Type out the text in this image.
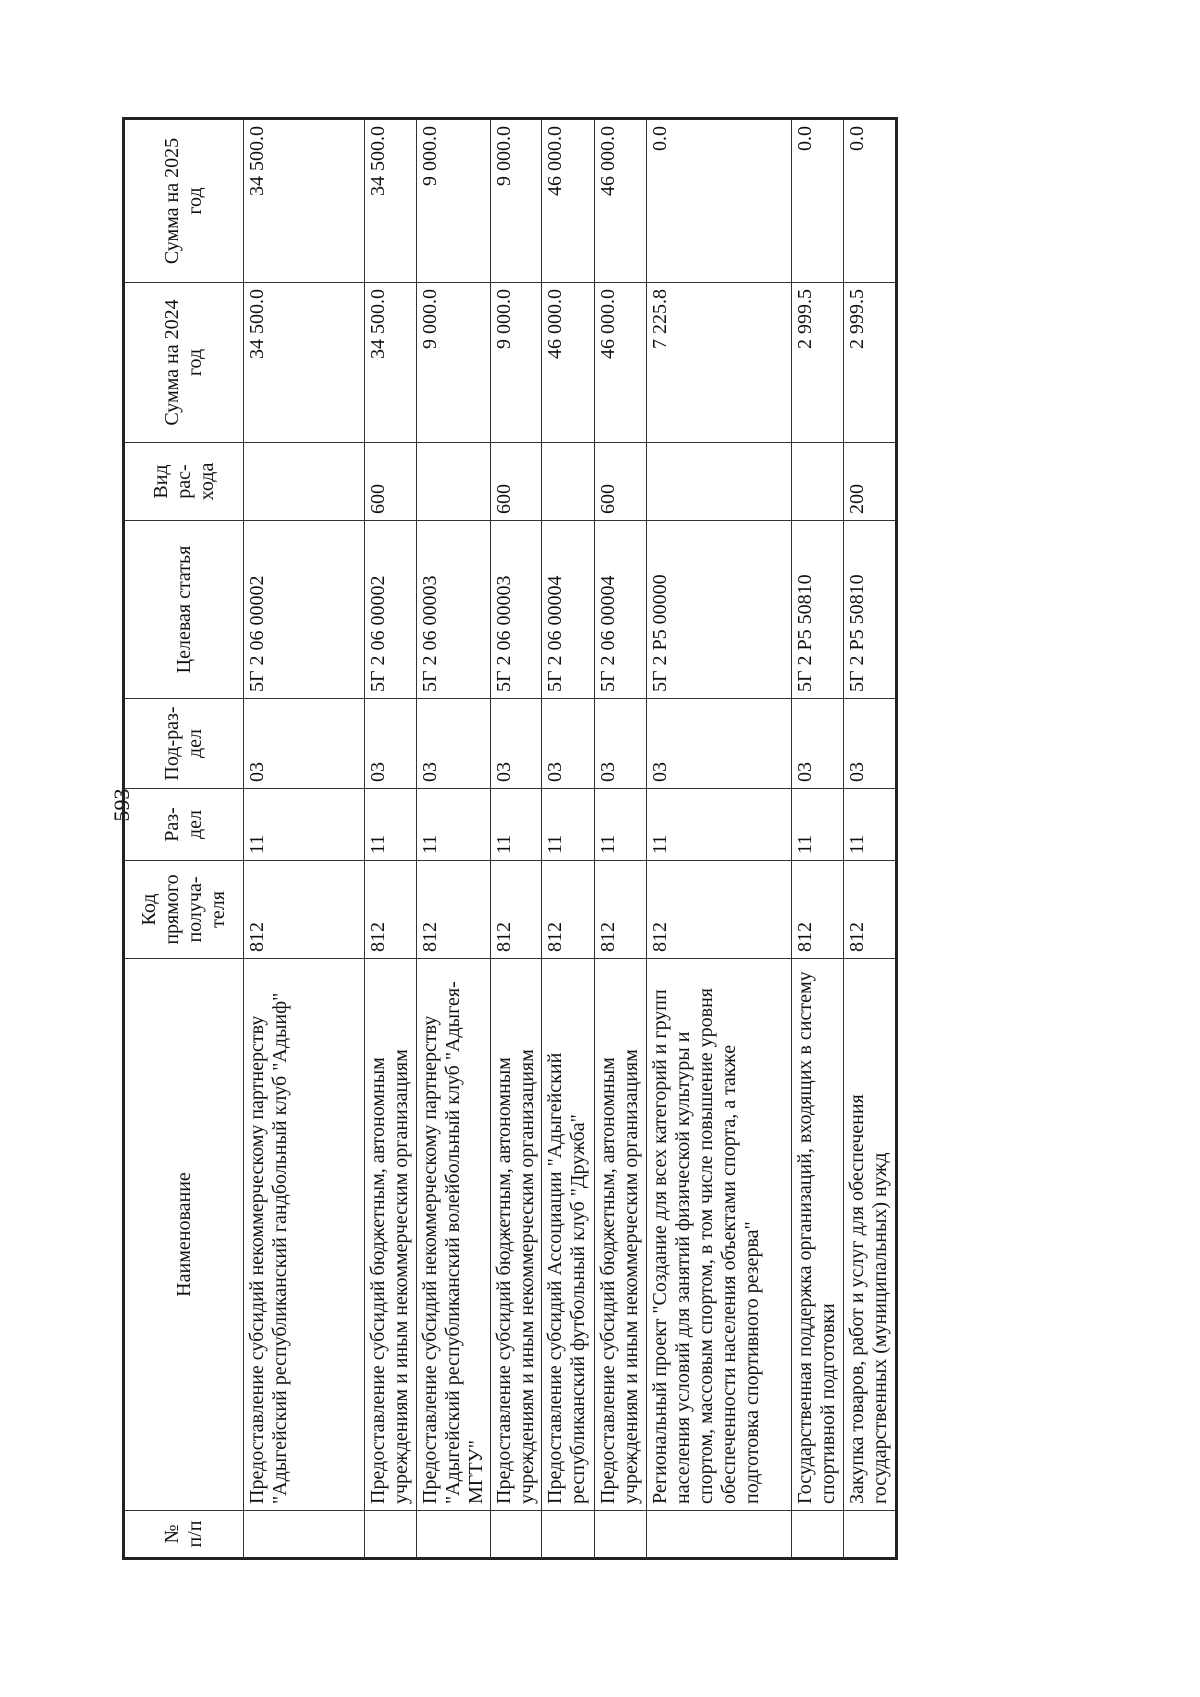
- 593 -
№ п/п	Наименование	Код прямого получа-теля	Раз-дел	Под-раз-дел	Целевая статья	Вид рас-хода	Сумма на 2024 год	Сумма на 2025 год
	Предоставление субсидий некоммерческому партнерству "Адыгейский республиканский гандбольный клуб "Адыиф"	812	11	03	5Г 2 06 00002		34 500.0	34 500.0
	Предоставление субсидий бюджетным, автономным учреждениям и иным некоммерческим организациям	812	11	03	5Г 2 06 00002	600	34 500.0	34 500.0
	Предоставление субсидий некоммерческому партнерству "Адыгейский республиканский волейбольный клуб "Адыгея-МГТУ"	812	11	03	5Г 2 06 00003		9 000.0	9 000.0
	Предоставление субсидий бюджетным, автономным учреждениям и иным некоммерческим организациям	812	11	03	5Г 2 06 00003	600	9 000.0	9 000.0
	Предоставление субсидий Ассоциации "Адыгейский республиканский футбольный клуб "Дружба"	812	11	03	5Г 2 06 00004		46 000.0	46 000.0
	Предоставление субсидий бюджетным, автономным учреждениям и иным некоммерческим организациям	812	11	03	5Г 2 06 00004	600	46 000.0	46 000.0
	Региональный проект "Создание для всех категорий и групп населения условий для занятий физической культуры и спортом, массовым спортом, в том числе повышение уровня обеспеченности населения объектами спорта, а также подготовка спортивного резерва"	812	11	03	5Г 2 Р5 00000		7 225.8	0.0
	Государственная поддержка организаций, входящих в систему спортивной подготовки	812	11	03	5Г 2 Р5 50810		2 999.5	0.0
	Закупка товаров, работ и услуг для обеспечения государственных (муниципальных) нужд	812	11	03	5Г 2 Р5 50810	200	2 999.5	0.0
